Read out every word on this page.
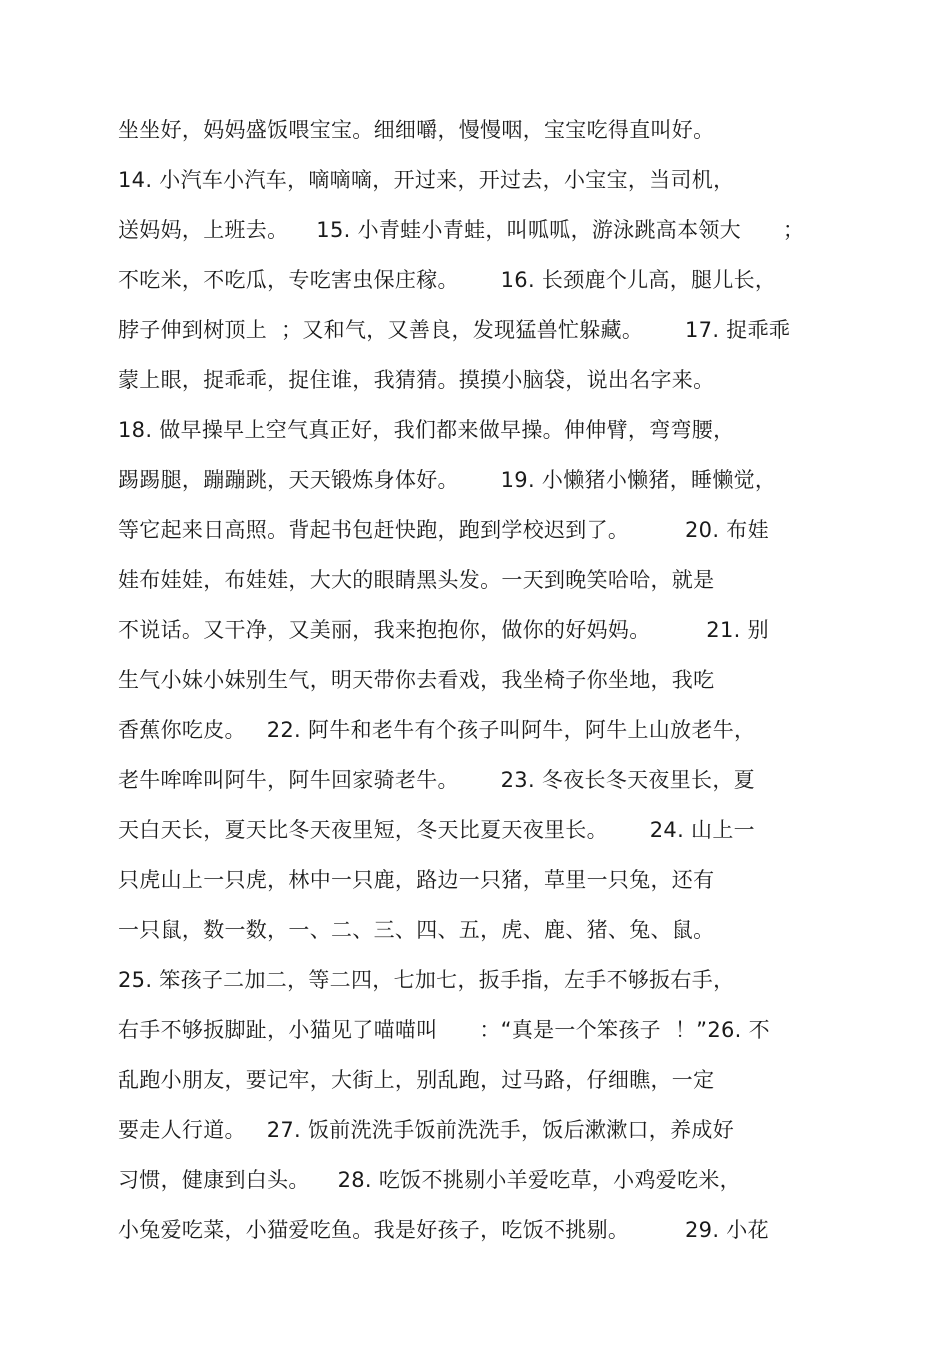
坐坐好，妈妈盛饭喂宝宝。细细嚼，慢慢咽，宝宝吃得直叫好。
14. 小汽车小汽车，嘀嘀嘀，开过来，开过去，小宝宝，当司机，
送妈妈，上班去。    15. 小青蛙小青蛙，叫呱呱，游泳跳高本领大      ；
不吃米，不吃瓜，专吃害虫保庄稼。      16. 长颈鹿个儿高，腿儿长，
脖子伸到树顶上  ；又和气，又善良，发现猛兽忙躲藏。      17. 捉乖乖
蒙上眼，捉乖乖，捉住谁，我猜猜。摸摸小脑袋，说出名字来。
18. 做早操早上空气真正好，我们都来做早操。伸伸臂，弯弯腰，
踢踢腿，蹦蹦跳，天天锻炼身体好。      19. 小懒猪小懒猪，睡懒觉，
等它起来日高照。背起书包赶快跑，跑到学校迟到了。        20. 布娃
娃布娃娃，布娃娃，大大的眼睛黑头发。一天到晚笑哈哈，就是
不说话。又干净，又美丽，我来抱抱你，做你的好妈妈。        21. 别
生气小妹小妹别生气，明天带你去看戏，我坐椅子你坐地，我吃
香蕉你吃皮。   22. 阿牛和老牛有个孩子叫阿牛，阿牛上山放老牛，
老牛哞哞叫阿牛，阿牛回家骑老牛。      23. 冬夜长冬天夜里长，夏
天白天长，夏天比冬天夜里短，冬天比夏天夜里长。      24. 山上一
只虎山上一只虎，林中一只鹿，路边一只猪，草里一只兔，还有
一只鼠，数一数，一、二、三、四、五，虎、鹿、猪、兔、鼠。
25. 笨孩子二加二，等二四，七加七，扳手指，左手不够扳右手，
右手不够扳脚趾，小猫见了喵喵叫      ：“真是一个笨孩子  ！”26. 不
乱跑小朋友，要记牢，大街上，别乱跑，过马路，仔细瞧，一定
要走人行道。   27. 饭前洗洗手饭前洗洗手，饭后漱漱口，养成好
习惯，健康到白头。    28. 吃饭不挑剔小羊爱吃草，小鸡爱吃米，
小兔爱吃菜，小猫爱吃鱼。我是好孩子，吃饭不挑剔。        29. 小花
